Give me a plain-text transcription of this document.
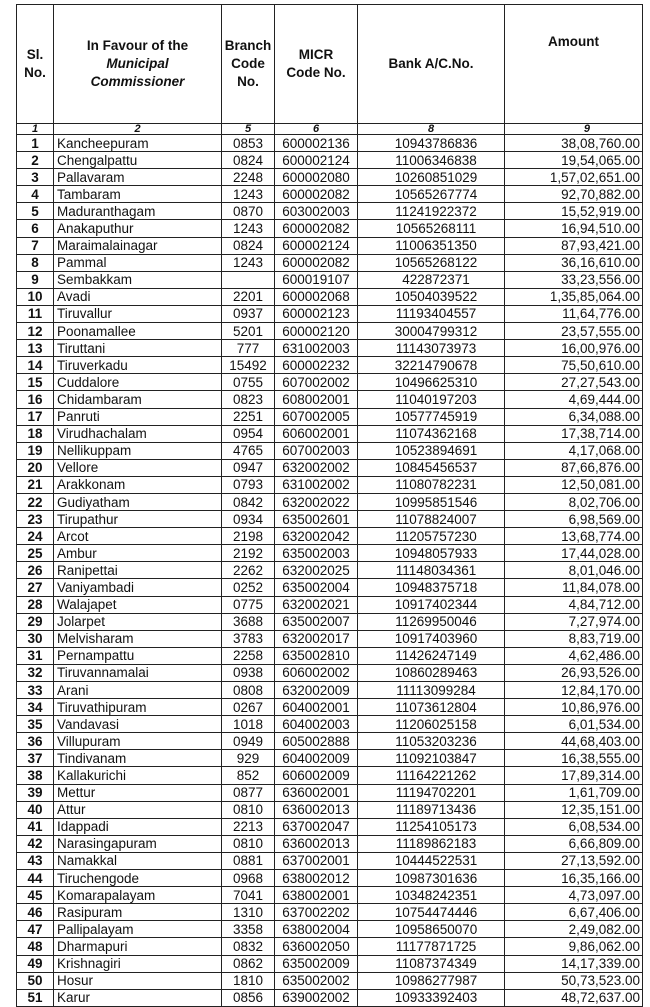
Sl.
No.	In Favour of the
Municipal
Commissioner	Branch
Code
No.	MICR
Code No.	Bank A/C.No.	Amount
1	2	5	6	8	9
1	Kancheepuram	0853	600002136	10943786836	38,08,760.00
2	Chengalpattu	0824	600002124	11006346838	19,54,065.00
3	Pallavaram	2248	600002080	10260851029	1,57,02,651.00
4	Tambaram	1243	600002082	10565267774	92,70,882.00
5	Maduranthagam	0870	603002003	11241922372	15,52,919.00
6	Anakaputhur	1243	600002082	10565268111	16,94,510.00
7	Maraimalainagar	0824	600002124	11006351350	87,93,421.00
8	Pammal	1243	600002082	10565268122	36,16,610.00
9	Sembakkam		600019107	422872371	33,23,556.00
10	Avadi	2201	600002068	10504039522	1,35,85,064.00
11	Tiruvallur	0937	600002123	11193404557	11,64,776.00
12	Poonamallee	5201	600002120	30004799312	23,57,555.00
13	Tiruttani	777	631002003	11143073973	16,00,976.00
14	Tiruverkadu	15492	600002232	32214790678	75,50,610.00
15	Cuddalore	0755	607002002	10496625310	27,27,543.00
16	Chidambaram	0823	608002001	11040197203	4,69,444.00
17	Panruti	2251	607002005	10577745919	6,34,088.00
18	Virudhachalam	0954	606002001	11074362168	17,38,714.00
19	Nellikuppam	4765	607002003	10523894691	4,17,068.00
20	Vellore	0947	632002002	10845456537	87,66,876.00
21	Arakkonam	0793	631002002	11080782231	12,50,081.00
22	Gudiyatham	0842	632002022	10995851546	8,02,706.00
23	Tirupathur	0934	635002601	11078824007	6,98,569.00
24	Arcot	2198	632002042	11205757230	13,68,774.00
25	Ambur	2192	635002003	10948057933	17,44,028.00
26	Ranipettai	2262	632002025	11148034361	8,01,046.00
27	Vaniyambadi	0252	635002004	10948375718	11,84,078.00
28	Walajapet	0775	632002021	10917402344	4,84,712.00
29	Jolarpet	3688	635002007	11269950046	7,27,974.00
30	Melvisharam	3783	632002017	10917403960	8,83,719.00
31	Pernampattu	2258	635002810	11426247149	4,62,486.00
32	Tiruvannamalai	0938	606002002	10860289463	26,93,526.00
33	Arani	0808	632002009	11113099284	12,84,170.00
34	Tiruvathipuram	0267	604002001	11073612804	10,86,976.00
35	Vandavasi	1018	604002003	11206025158	6,01,534.00
36	Villupuram	0949	605002888	11053203236	44,68,403.00
37	Tindivanam	929	604002009	11092103847	16,38,555.00
38	Kallakurichi	852	606002009	11164221262	17,89,314.00
39	Mettur	0877	636002001	11194702201	1,61,709.00
40	Attur	0810	636002013	11189713436	12,35,151.00
41	Idappadi	2213	637002047	11254105173	6,08,534.00
42	Narasingapuram	0810	636002013	11189862183	6,66,809.00
43	Namakkal	0881	637002001	10444522531	27,13,592.00
44	Tiruchengode	0968	638002012	10987301636	16,35,166.00
45	Komarapalayam	7041	638002001	10348242351	4,73,097.00
46	Rasipuram	1310	637002202	10754474446	6,67,406.00
47	Pallipalayam	3358	638002004	10958650070	2,49,082.00
48	Dharmapuri	0832	636002050	11177871725	9,86,062.00
49	Krishnagiri	0862	635002009	11087374349	14,17,339.00
50	Hosur	1810	635002002	10986277987	50,73,523.00
51	Karur	0856	639002002	10933392403	48,72,637.00
